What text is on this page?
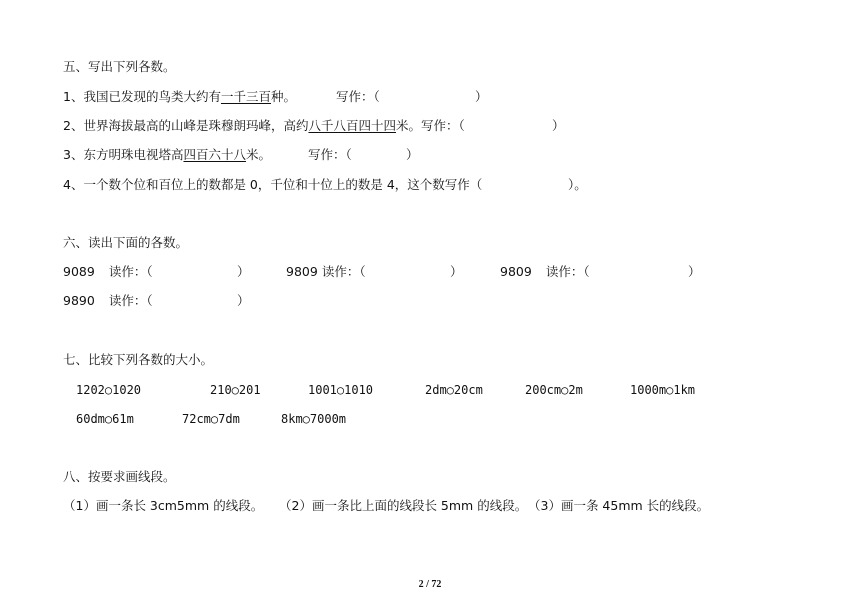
五、写出下列各数。
1、我国已发现的鸟类大约有一千三百种。	写作：（	）
2、世界海拔最高的山峰是珠穆朗玛峰，高约八千八百四十四米。写作：（	）
3、东方明珠电视塔高四百六十八米。	写作：（	）
4、一个数个位和百位上的数都是 0，千位和十位上的数是 4，这个数写作（	）。
六、读出下面的各数。
9089 读作：（	）	9809 读作：（	）	9809 读作：（	）
9890 读作：（	）
七、比较下列各数的大小。
1202○1020	210○201	1001○1010	2dm○20cm	200cm○2m	1000m○1km
60dm○61m	72cm○7dm	8km○7000m
八、按要求画线段。
（1）画一条长 3cm5mm 的线段。 （2）画一条比上面的线段长 5mm 的线段。 （3）画一条 45mm 长的线段。
2 / 72
